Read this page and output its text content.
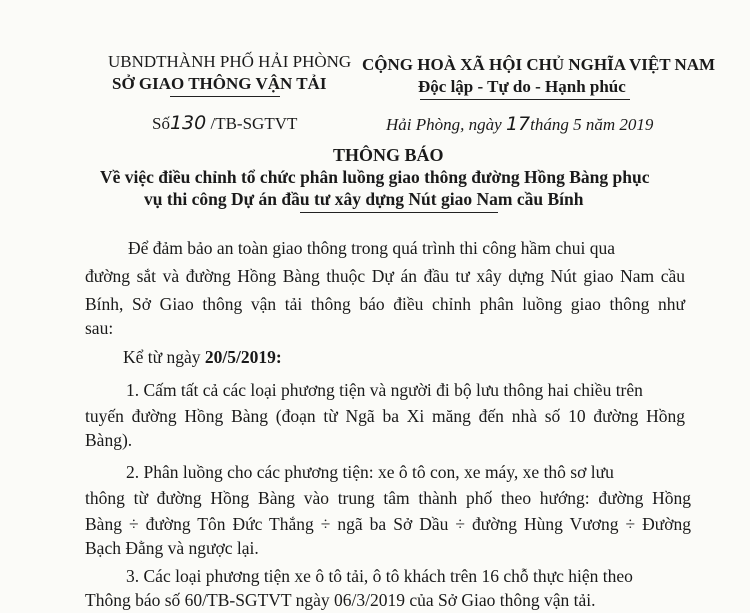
UBNDTHÀNH PHỐ HẢI PHÒNG
SỞ GIAO THÔNG VẬN TẢI
CỘNG HOÀ XÃ HỘI CHỦ NGHĨA VIỆT NAM
Độc lập - Tự do - Hạnh phúc
Số130 /TB-SGTVT	Hải Phòng, ngày 17tháng 5 năm 2019
THÔNG BÁO
Về việc điều chỉnh tổ chức phân luồng giao thông đường Hồng Bàng phục
vụ thi công Dự án đầu tư xây dựng Nút giao Nam cầu Bính
Để đảm bảo an toàn giao thông trong quá trình thi công hầm chui qua
đường sắt và đường Hồng Bàng thuộc Dự án đầu tư xây dựng Nút giao Nam cầu
Bính, Sở Giao thông vận tải thông báo điều chỉnh phân luồng giao thông như
sau:
Kể từ ngày 20/5/2019:
1. Cấm tất cả các loại phương tiện và người đi bộ lưu thông hai chiều trên
tuyến đường Hồng Bàng (đoạn từ Ngã ba Xi măng đến nhà số 10 đường Hồng
Bàng).
2. Phân luồng cho các phương tiện: xe ô tô con, xe máy, xe thô sơ lưu
thông từ đường Hồng Bàng vào trung tâm thành phố theo hướng: đường Hồng
Bàng ÷ đường Tôn Đức Thắng ÷ ngã ba Sở Dầu ÷ đường Hùng Vương ÷ Đường
Bạch Đằng và ngược lại.
3. Các loại phương tiện xe ô tô tải, ô tô khách trên 16 chỗ thực hiện theo
Thông báo số 60/TB-SGTVT ngày 06/3/2019 của Sở Giao thông vận tải.
